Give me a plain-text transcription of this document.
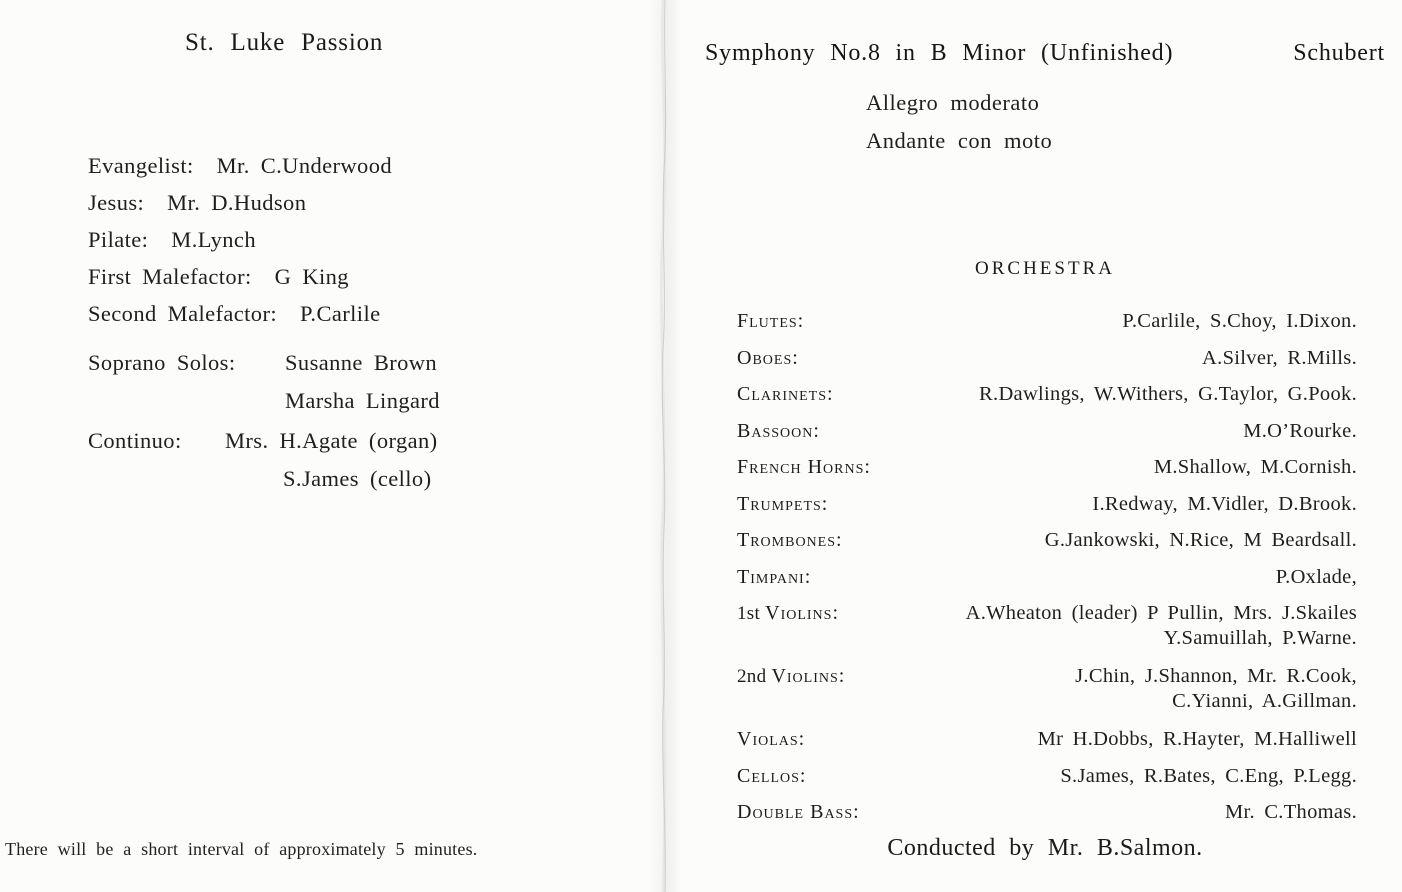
St. Luke Passion
Evangelist: Mr. C.Underwood
Jesus: Mr. D.Hudson
Pilate: M.Lynch
First Malefactor: G King
Second Malefactor: P.Carlile
Soprano Solos: Susanne Brown
Marsha Lingard
Continuo: Mrs. H.Agate (organ)
S.James (cello)
There will be a short interval of approximately 5 minutes.
Symphony No.8 in B Minor (Unfinished)	Schubert
Allegro moderato
Andante con moto
ORCHESTRA
Flutes:	P.Carlile, S.Choy, I.Dixon.
Oboes:	A.Silver, R.Mills.
Clarinets:	R.Dawlings, W.Withers, G.Taylor, G.Pook.
Bassoon:	M.O’Rourke.
French Horns:	M.Shallow, M.Cornish.
Trumpets:	I.Redway, M.Vidler, D.Brook.
Trombones:	G.Jankowski, N.Rice, M Beardsall.
Timpani:	P.Oxlade,
1st Violins:	A.Wheaton (leader) P Pullin, Mrs. J.Skailes
Y.Samuillah, P.Warne.
2nd Violins:	J.Chin, J.Shannon, Mr. R.Cook,
C.Yianni, A.Gillman.
Violas:	Mr H.Dobbs, R.Hayter, M.Halliwell
Cellos:	S.James, R.Bates, C.Eng, P.Legg.
Double Bass:	Mr. C.Thomas.
Conducted by Mr. B.Salmon.
